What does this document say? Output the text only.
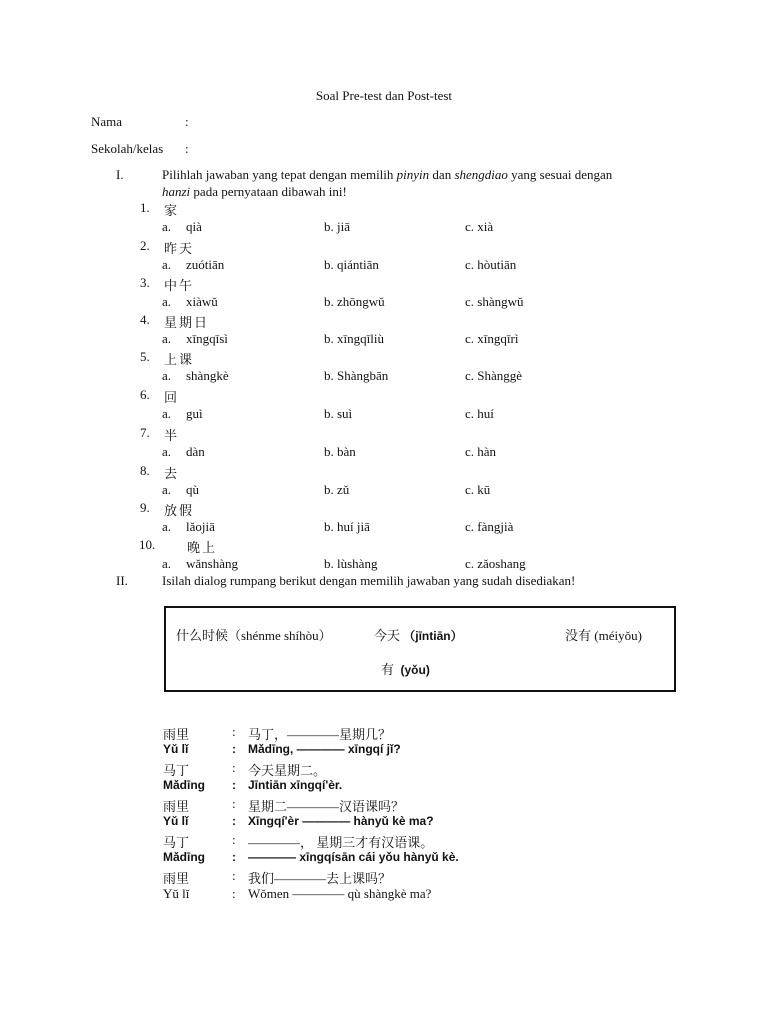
Soal Pre-test dan Post-test
Nama	:
Sekolah/kelas :
I.	Pilihlah jawaban yang tepat dengan memilih pinyin dan shengdiao yang sesuai dengan
hanzi pada pernyataan dibawah ini!
1. 家
a. qià	b. jiā	c. xià
2. 昨天
a. zuótiān	b. qiántiān	c. hòutiān
3. 中午
a. xiàwǔ	b. zhōngwǔ	c. shàngwǔ
4. 星期日
a. xīngqīsì	b. xīngqīliù	c. xīngqīrì
5. 上课
a. shàngkè	b. Shàngbān	c. Shànggè
6. 回
a. guì	b. suì	c. huí
7. 半
a. dàn	b. bàn	c. hàn
8. 去
a. qù	b. zǔ	c. kū
9. 放假
a. lǎojiā	b. huí jiā	c. fàngjià
10. 晚上
a. wǎnshàng	b. lùshàng	c. zǎoshang
II.	Isilah dialog rumpang berikut dengan memilih jawaban yang sudah disediakan!
什么时候（shénme shíhòu）	今天 （jīntiān）	没有 (méiyǒu)
有 (yǒu)
雨里	: 马丁，————星期几？
Yǔ lǐ	: Mǎdīng, ———— xīngqí jǐ?
马丁	: 今天星期二。
Mǎdīng : Jīntiān xīngqí'èr.
雨里	: 星期二————汉语课吗？
Yǔ lǐ	: Xīngqí'èr ———— hànyǔ kè ma?
马丁	: ————， 星期三才有汉语课。
Mǎdīng : ———— xīngqísān cái yǒu hànyǔ kè.
雨里	: 我们————去上课吗？
Yǔ lǐ	: Wǒmen ———— qù shàngkè ma?
